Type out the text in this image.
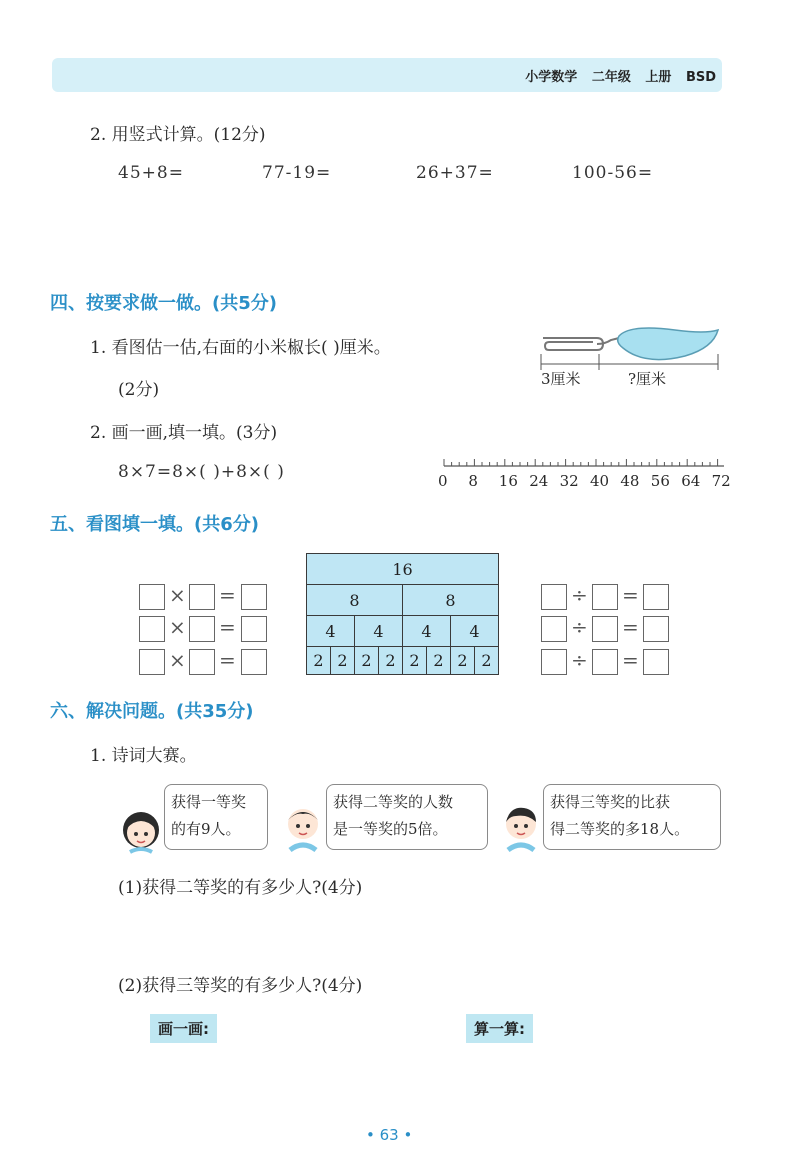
小学数学 二年级 上册 BSD
2. 用竖式计算。(12分)
45+8=	77-19=	26+37=	100-56=
四、按要求做一做。(共5分)
1. 看图估一估,右面的小米椒长( )厘米。
(2分)
3厘米	?厘米
2. 画一画,填一填。(3分)
8×7=8×( )+8×( )	0 8 16 24 32 40 48 56 64 72
五、看图填一填。(共6分)
× =
× =
× =
16							
8				8			
4		4		4		4	
2	2	2	2	2	2	2	2
÷ =
÷ =
÷ =
六、解决问题。(共35分)
1. 诗词大赛。
获得一等奖
的有9人。
获得二等奖的人数
是一等奖的5倍。
获得三等奖的比获
得二等奖的多18人。
(1)获得二等奖的有多少人?(4分)
(2)获得三等奖的有多少人?(4分)
画一画:	算一算:
• 63 •
